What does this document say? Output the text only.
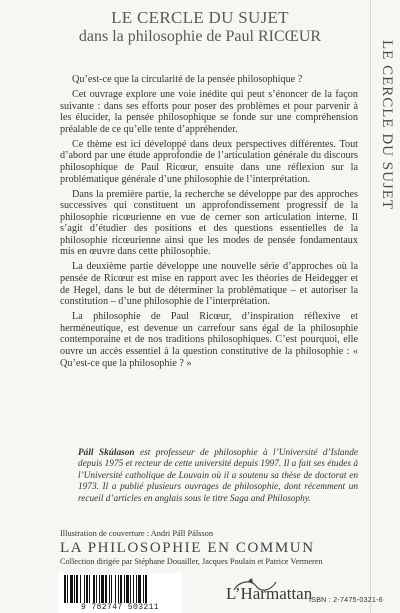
LE CERCLE DU SUJET
dans la philosophie de Paul RICŒUR
LE CERCLE DU SUJET

Qu’est-ce que la circularité de la pensée philosophique ?

Cet ouvrage explore une voie inédite qui peut s’énoncer de la façon suivante : dans ses efforts pour poser des problèmes et pour parvenir à les élucider, la pensée philosophique se fonde sur une compréhension préalable de ce qu’elle tente d’appréhender.

Ce thème est ici développé dans deux perspectives différentes. Tout d’abord par une étude approfondie de l’articulation générale du discours philosophique de Paul Ricœur, ensuite dans une réflexion sur la problématique générale d’une philosophie de l’interprétation.

Dans la première partie, la recherche se développe par des approches successives qui constituent un approfondissement progressif de la philosophie ricœurienne en vue de cerner son articulation interne. Il s’agit d’étudier des positions et des questions essentielles de la philosophie ricœurienne ainsi que les modes de pensée fondamentaux mis en œuvre dans cette philosophie.

La deuxième partie développe une nouvelle série d’approches où la pensée de Ricœur est mise en rapport avec les théories de Heidegger et de Hegel, dans le but de déterminer la problématique – et autoriser la constitution – d’une philosophie de l’interprétation.

La philosophie de Paul Ricœur, d’inspiration réflexive et herméneutique, est devenue un carrefour sans égal de la philosophie contemporaine et de nos traditions philosophiques. C’est pourquoi, elle ouvre un accès essentiel à la question constitutive de la philosophie : « Qu’est-ce que la philosophie ? »

Páll Skúlason est professeur de philosophie à l’Université d’Islande depuis 1975 et recteur de cette université depuis 1997. Il a fait ses études à l’Université catholique de Louvain où il a soutenu sa thèse de doctorat en 1973. Il a publié plusieurs ouvrages de philosophie, dont récemment un recueil d’articles en anglais sous le titre Saga and Philosophy.
Illustration de couverture : Andri Páll Pálsson
LA PHILOSOPHIE EN COMMUN
Collection dirigée par Stéphane Douailler, Jacques Poulain et Patrice Vermeren
9 782747 503211
L’Harmattan
ISBN : 2-7475-0321-6
